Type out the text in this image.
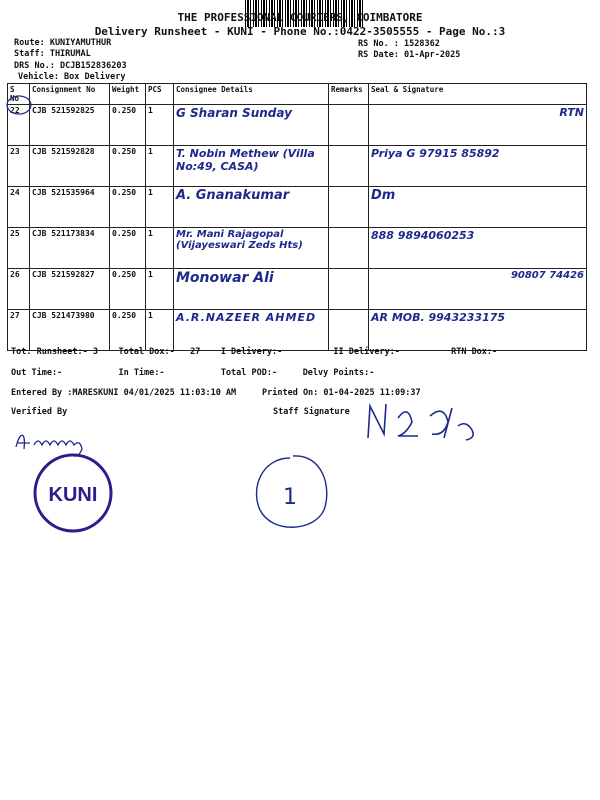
THE PROFESSIONAL COURIERS, COIMBATORE
Delivery Runsheet - KUNI - Phone No.:0422-3505555 - Page No.:3
Route: KUNIYAMUTHUR
Staff: THIRUMAL
DRS No.: DCJB152836203
Vehicle: Box Delivery
RS No. : 1528362
RS Date: 01-Apr-2025
S No	Consignment No	Weight	PCS	Consignee Details	Remarks	Seal & Signature
22	CJB 521592825	0.250	1	G Sharan Sunday		RTN
23	CJB 521592828	0.250	1	T. Nobin Methew (Villa No:49, CASA)		Priya G 97915 85892
24	CJB 521535964	0.250	1	A. Gnanakumar		Dm
25	CJB 521173834	0.250	1	Mr. Mani Rajagopal (Vijayeswari Zeds Hts)		888 9894060253
26	CJB 521592827	0.250	1	Monowar Ali		90807 74426
27	CJB 521473980	0.250	1	A.R.NAZEER AHMED		AR MOB. 9943233175
Tot. Runsheet:- 3    Total Dox:-   27    I Delivery:-          II Delivery:-          RTN Dox:-
Out Time:-           In Time:-           Total POD:-     Delvy Points:-
Entered By :MARESKUNI 04/01/2025 11:03:10 AM	Printed On: 01-04-2025 11:09:37
Verified By	Staff Signature
KUNI	1
